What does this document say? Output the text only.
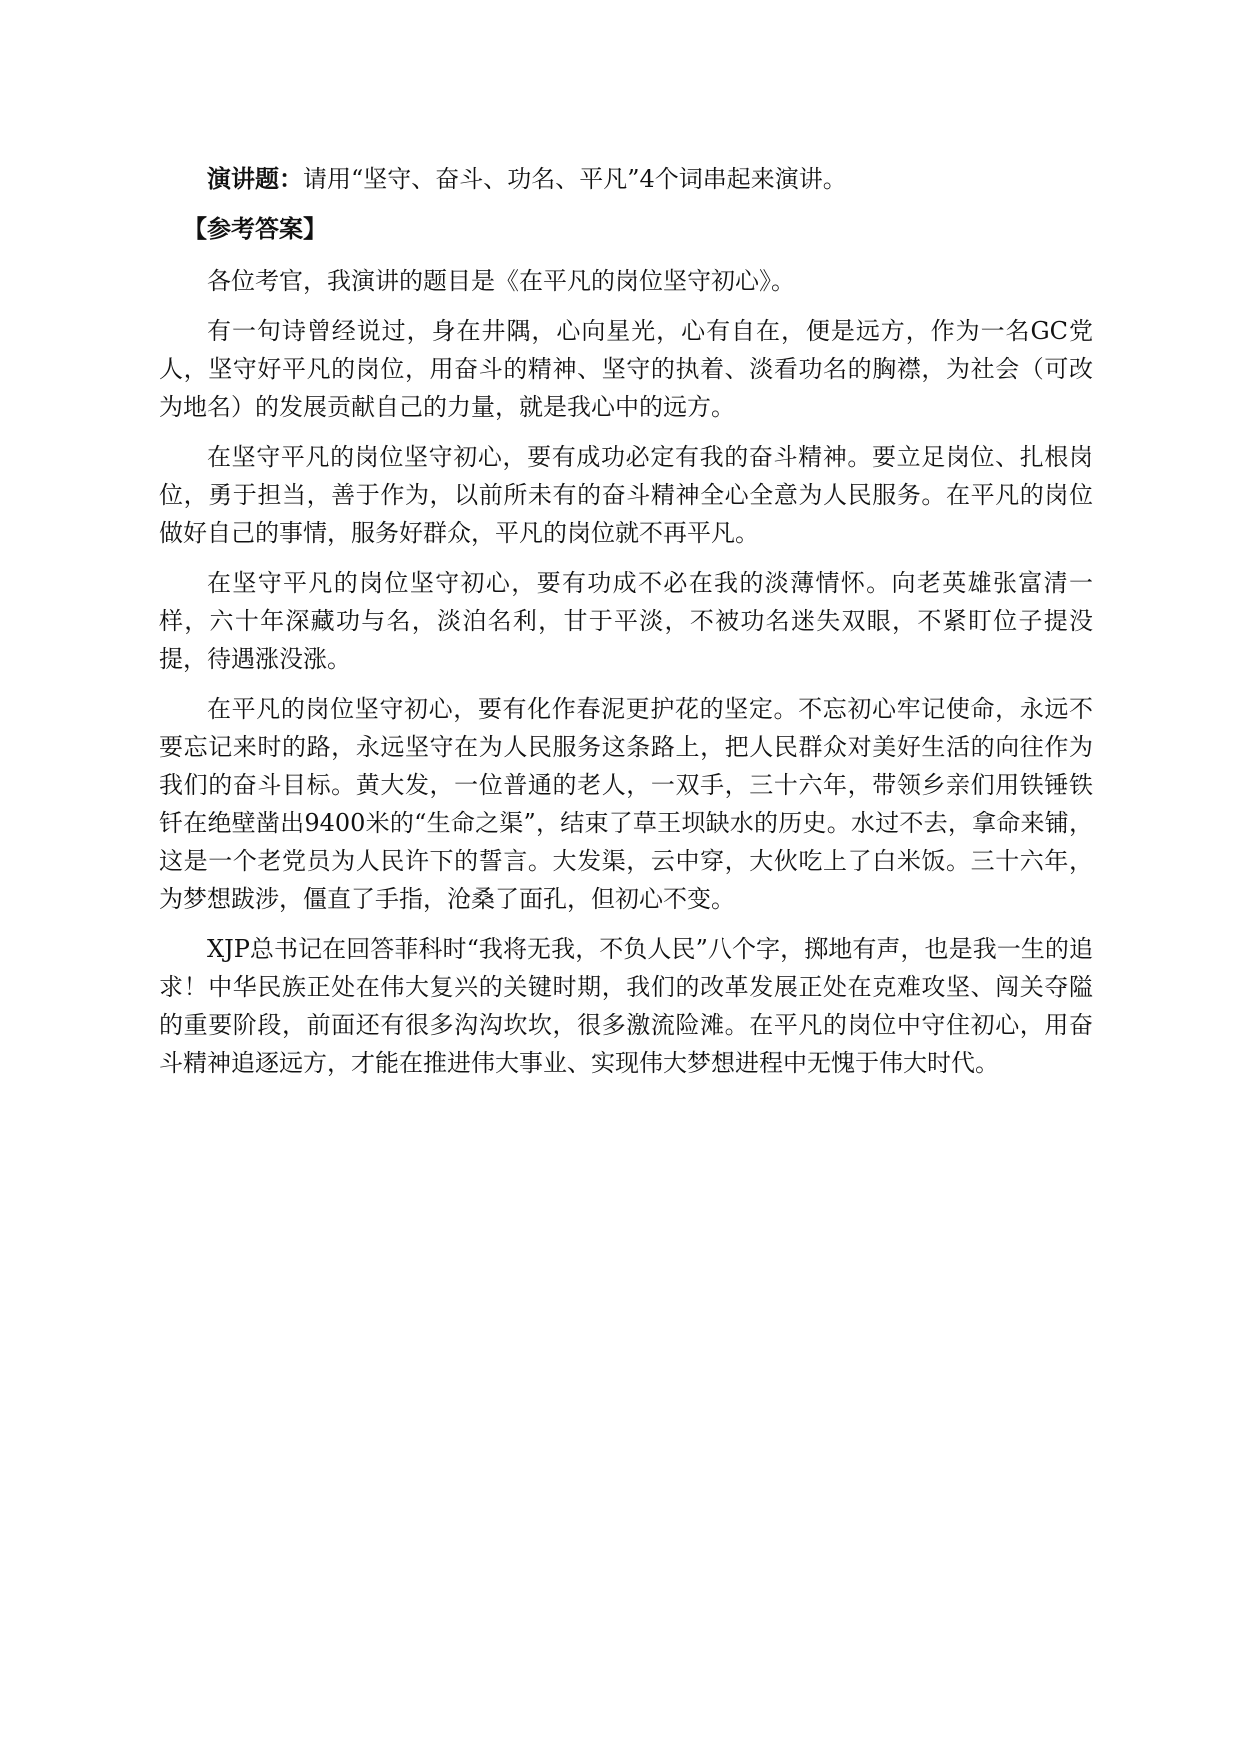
演讲题：请用“坚守、奋斗、功名、平凡”4个词串起来演讲。

【参考答案】

各位考官，我演讲的题目是《在平凡的岗位坚守初心》。

有一句诗曾经说过，身在井隅，心向星光，心有自在，便是远方，作为一名GC党人，坚守好平凡的岗位，用奋斗的精神、坚守的执着、淡看功名的胸襟，为社会（可改为地名）的发展贡献自己的力量，就是我心中的远方。

在坚守平凡的岗位坚守初心，要有成功必定有我的奋斗精神。要立足岗位、扎根岗位，勇于担当，善于作为，以前所未有的奋斗精神全心全意为人民服务。在平凡的岗位做好自己的事情，服务好群众，平凡的岗位就不再平凡。

在坚守平凡的岗位坚守初心，要有功成不必在我的淡薄情怀。向老英雄张富清一样，六十年深藏功与名，淡泊名利，甘于平淡，不被功名迷失双眼，不紧盯位子提没提，待遇涨没涨。

在平凡的岗位坚守初心，要有化作春泥更护花的坚定。不忘初心牢记使命，永远不要忘记来时的路，永远坚守在为人民服务这条路上，把人民群众对美好生活的向往作为我们的奋斗目标。黄大发，一位普通的老人，一双手，三十六年，带领乡亲们用铁锤铁钎在绝壁凿出9400米的“生命之渠”，结束了草王坝缺水的历史。水过不去，拿命来铺，这是一个老党员为人民许下的誓言。大发渠，云中穿，大伙吃上了白米饭。三十六年，为梦想跋涉，僵直了手指，沧桑了面孔，但初心不变。

XJP总书记在回答菲科时“我将无我，不负人民”八个字，掷地有声，也是我一生的追求！中华民族正处在伟大复兴的关键时期，我们的改革发展正处在克难攻坚、闯关夺隘的重要阶段，前面还有很多沟沟坎坎，很多激流险滩。在平凡的岗位中守住初心，用奋斗精神追逐远方，才能在推进伟大事业、实现伟大梦想进程中无愧于伟大时代。
